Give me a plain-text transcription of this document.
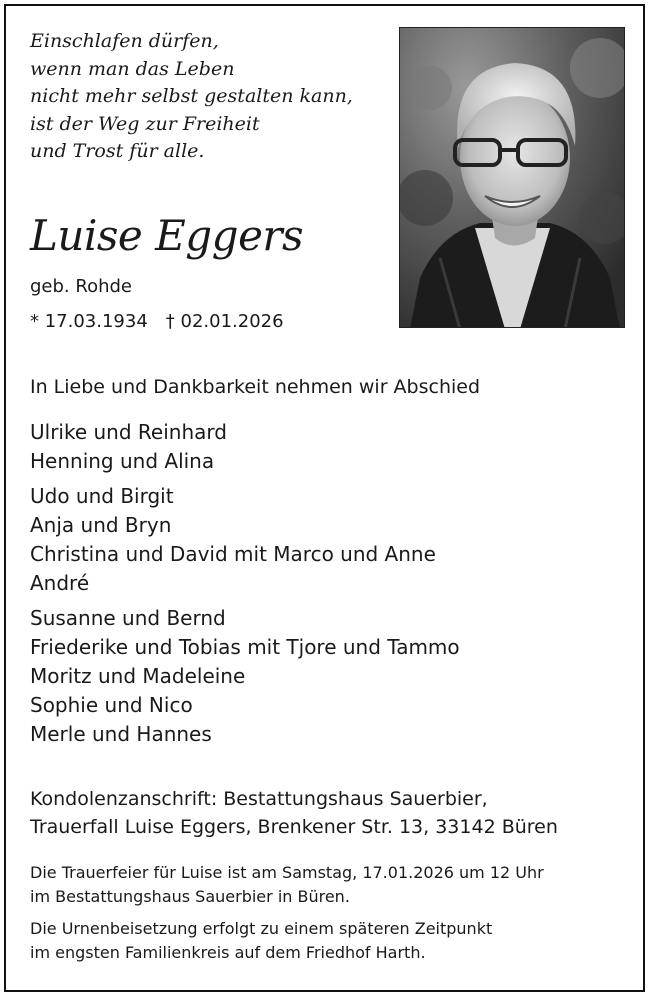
Einschlafen dürfen,
wenn man das Leben
nicht mehr selbst gestalten kann,
ist der Weg zur Freiheit
und Trost für alle.
Luise Eggers
geb. Rohde
* 17.03.1934 † 02.01.2026
In Liebe und Dankbarkeit nehmen wir Abschied
Ulrike und Reinhard
Henning und Alina
Udo und Birgit
Anja und Bryn
Christina und David mit Marco und Anne
André
Susanne und Bernd
Friederike und Tobias mit Tjore und Tammo
Moritz und Madeleine
Sophie und Nico
Merle und Hannes
Kondolenzanschrift: Bestattungshaus Sauerbier,
Trauerfall Luise Eggers, Brenkener Str. 13, 33142 Büren
Die Trauerfeier für Luise ist am Samstag, 17.01.2026 um 12 Uhr
im Bestattungshaus Sauerbier in Büren.
Die Urnenbeisetzung erfolgt zu einem späteren Zeitpunkt
im engsten Familienkreis auf dem Friedhof Harth.
